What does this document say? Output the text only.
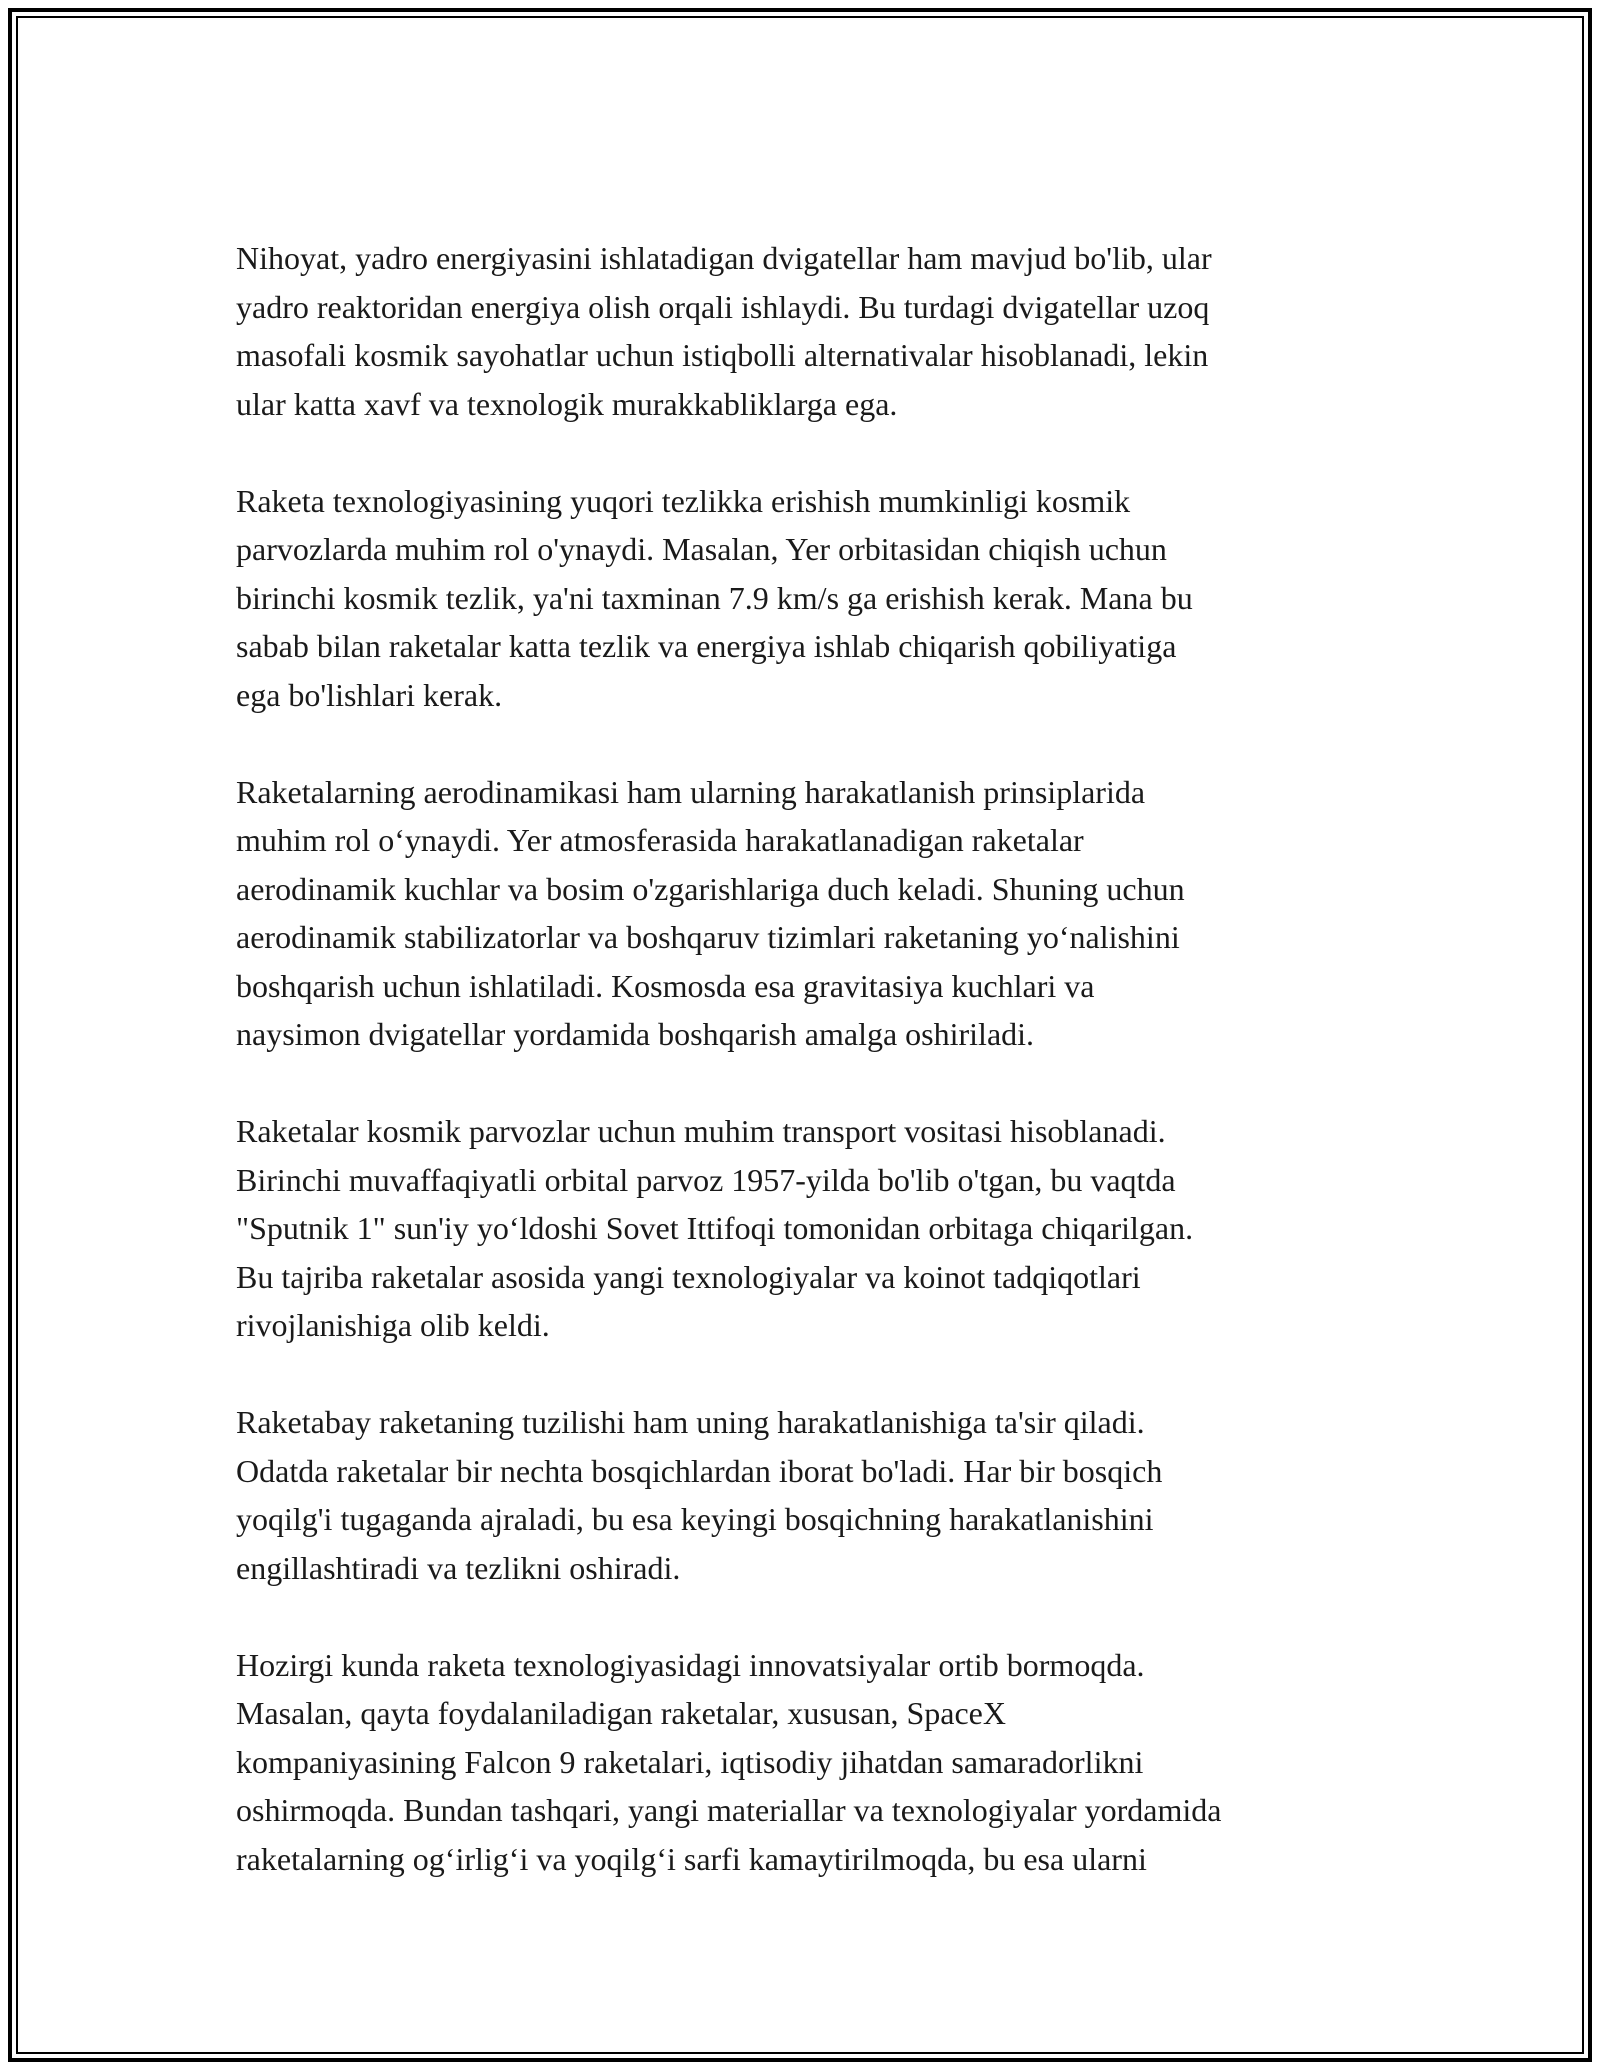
Nihoyat, yadro energiyasini ishlatadigan dvigatellar ham mavjud bo'lib, ular
yadro reaktoridan energiya olish orqali ishlaydi. Bu turdagi dvigatellar uzoq
masofali kosmik sayohatlar uchun istiqbolli alternativalar hisoblanadi, lekin
ular katta xavf va texnologik murakkabliklarga ega.

Raketa texnologiyasining yuqori tezlikka erishish mumkinligi kosmik
parvozlarda muhim rol o'ynaydi. Masalan, Yer orbitasidan chiqish uchun
birinchi kosmik tezlik, ya'ni taxminan 7.9 km/s ga erishish kerak. Mana bu
sabab bilan raketalar katta tezlik va energiya ishlab chiqarish qobiliyatiga
ega bo'lishlari kerak.

Raketalarning aerodinamikasi ham ularning harakatlanish prinsiplarida
muhim rol o‘ynaydi. Yer atmosferasida harakatlanadigan raketalar
aerodinamik kuchlar va bosim o'zgarishlariga duch keladi. Shuning uchun
aerodinamik stabilizatorlar va boshqaruv tizimlari raketaning yo‘nalishini
boshqarish uchun ishlatiladi. Kosmosda esa gravitasiya kuchlari va
naysimon dvigatellar yordamida boshqarish amalga oshiriladi.

Raketalar kosmik parvozlar uchun muhim transport vositasi hisoblanadi.
Birinchi muvaffaqiyatli orbital parvoz 1957-yilda bo'lib o'tgan, bu vaqtda
"Sputnik 1" sun'iy yo‘ldoshi Sovet Ittifoqi tomonidan orbitaga chiqarilgan.
Bu tajriba raketalar asosida yangi texnologiyalar va koinot tadqiqotlari
rivojlanishiga olib keldi.

Raketabay raketaning tuzilishi ham uning harakatlanishiga ta'sir qiladi.
Odatda raketalar bir nechta bosqichlardan iborat bo'ladi. Har bir bosqich
yoqilg'i tugaganda ajraladi, bu esa keyingi bosqichning harakatlanishini
engillashtiradi va tezlikni oshiradi.

Hozirgi kunda raketa texnologiyasidagi innovatsiyalar ortib bormoqda.
Masalan, qayta foydalaniladigan raketalar, xususan, SpaceX
kompaniyasining Falcon 9 raketalari, iqtisodiy jihatdan samaradorlikni
oshirmoqda. Bundan tashqari, yangi materiallar va texnologiyalar yordamida
raketalarning og‘irlig‘i va yoqilg‘i sarfi kamaytirilmoqda, bu esa ularni
